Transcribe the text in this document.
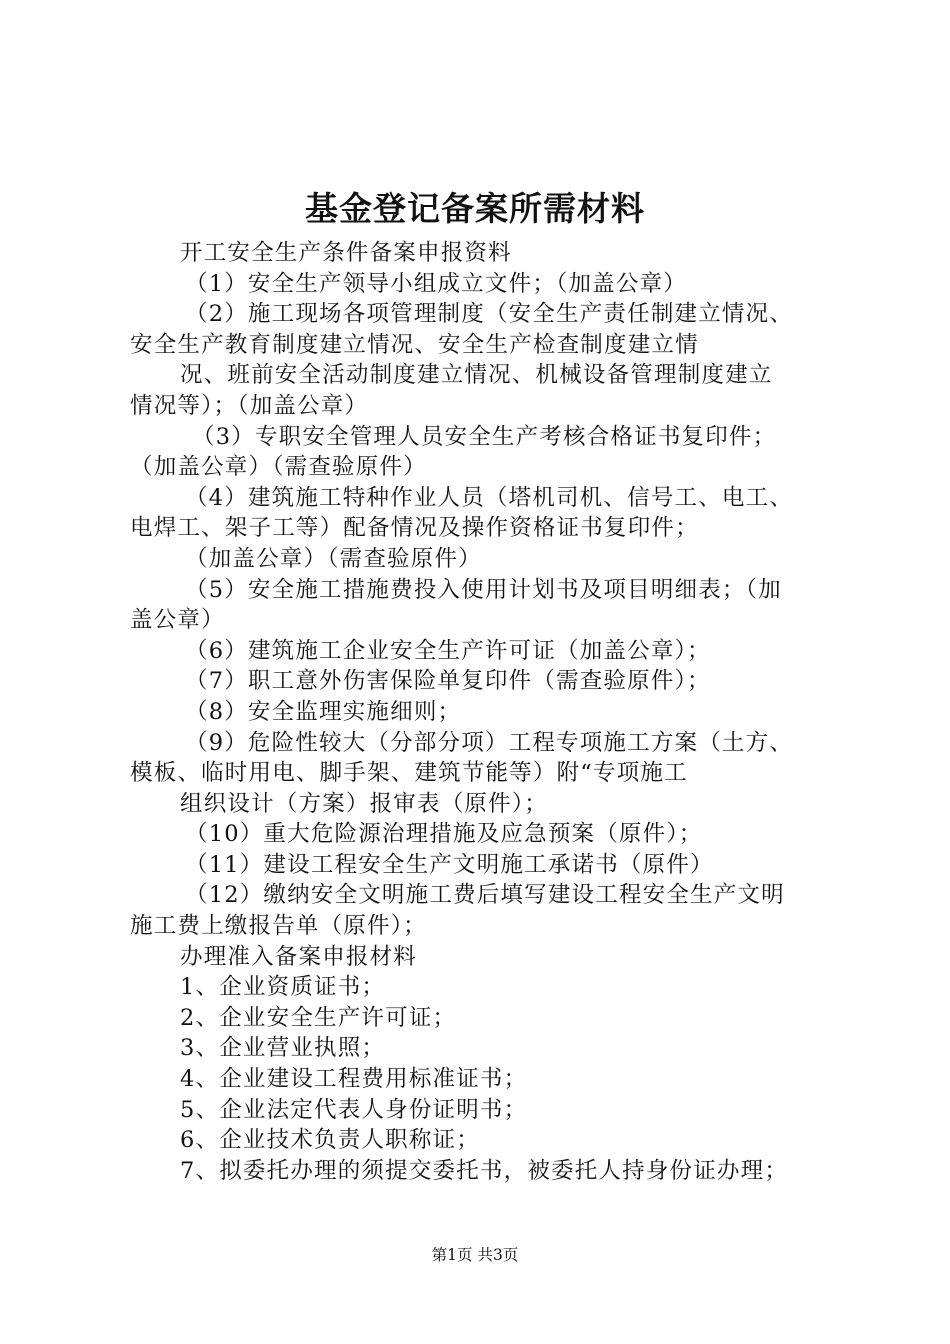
基金登记备案所需材料
开工安全生产条件备案申报资料
（1）安全生产领导小组成立文件；（加盖公章）
（2）施工现场各项管理制度（安全生产责任制建立情况、
安全生产教育制度建立情况、安全生产检查制度建立情
况、班前安全活动制度建立情况、机械设备管理制度建立
情况等）；（加盖公章）
（3）专职安全管理人员安全生产考核合格证书复印件；
（加盖公章）（需查验原件）
（4）建筑施工特种作业人员（塔机司机、信号工、电工、
电焊工、架子工等）配备情况及操作资格证书复印件；
（加盖公章）（需查验原件）
（5）安全施工措施费投入使用计划书及项目明细表；（加
盖公章）
（6）建筑施工企业安全生产许可证（加盖公章）；
（7）职工意外伤害保险单复印件（需查验原件）；
（8）安全监理实施细则；
（9）危险性较大（分部分项）工程专项施工方案（土方、
模板、临时用电、脚手架、建筑节能等）附“专项施工
组织设计（方案）报审表（原件）；
（10）重大危险源治理措施及应急预案（原件）；
（11）建设工程安全生产文明施工承诺书（原件）
（12）缴纳安全文明施工费后填写建设工程安全生产文明
施工费上缴报告单（原件）；
办理准入备案申报材料
1、企业资质证书；
2、企业安全生产许可证；
3、企业营业执照；
4、企业建设工程费用标准证书；
5、企业法定代表人身份证明书；
6、企业技术负责人职称证；
7、拟委托办理的须提交委托书，被委托人持身份证办理；
第1页 共3页
